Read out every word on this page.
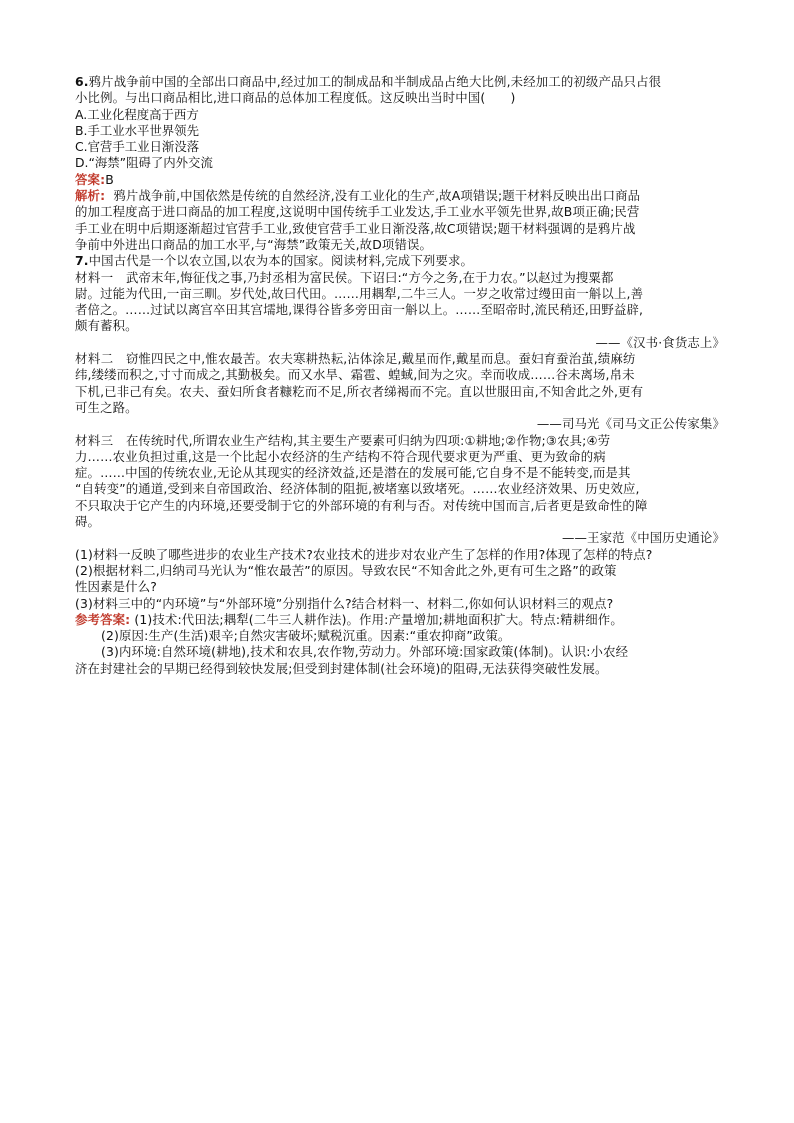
6.鸦片战争前中国的全部出口商品中,经过加工的制成品和半制成品占绝大比例,未经加工的初级产品只占很

小比例。与出口商品相比,进口商品的总体加工程度低。这反映出当时中国(　　)

A.工业化程度高于西方

B.手工业水平世界领先

C.官营手工业日渐没落

D.“海禁”阻碍了内外交流

答案:B

解析: 鸦片战争前,中国依然是传统的自然经济,没有工业化的生产,故A项错误;题干材料反映出出口商品

的加工程度高于进口商品的加工程度,这说明中国传统手工业发达,手工业水平领先世界,故B项正确;民营

手工业在明中后期逐渐超过官营手工业,致使官营手工业日渐没落,故C项错误;题干材料强调的是鸦片战

争前中外进出口商品的加工水平,与“海禁”政策无关,故D项错误。

7.中国古代是一个以农立国,以农为本的国家。阅读材料,完成下列要求。

材料一 武帝末年,悔征伐之事,乃封丞相为富民侯。下诏曰:“方今之务,在于力农。”以赵过为搜粟都

尉。过能为代田,一亩三甽。岁代处,故曰代田。……用耦犁,二牛三人。一岁之收常过缦田亩一斛以上,善

者倍之。……过试以离宫卒田其宫壖地,课得谷皆多旁田亩一斛以上。……至昭帝时,流民稍还,田野益辟,

颇有蓄积。

——《汉书·食货志上》

材料二 窃惟四民之中,惟农最苦。农夫寒耕热耘,沾体涂足,戴星而作,戴星而息。蚕妇育蚕治茧,绩麻纺

纬,缕缕而积之,寸寸而成之,其勤极矣。而又水旱、霜雹、蝗蜮,间为之灾。幸而收成……谷未离场,帛未

下机,已非己有矣。农夫、蚕妇所食者糠籺而不足,所衣者绨褐而不完。直以世服田亩,不知舍此之外,更有

可生之路。

——司马光《司马文正公传家集》

材料三 在传统时代,所谓农业生产结构,其主要生产要素可归纳为四项:①耕地;②作物;③农具;④劳

力……农业负担过重,这是一个比起小农经济的生产结构不符合现代要求更为严重、更为致命的病

症。……中国的传统农业,无论从其现实的经济效益,还是潜在的发展可能,它自身不是不能转变,而是其

“自转变”的通道,受到来自帝国政治、经济体制的阻扼,被堵塞以致堵死。……农业经济效果、历史效应,

不只取决于它产生的内环境,还要受制于它的外部环境的有利与否。对传统中国而言,后者更是致命性的障

碍。

——王家范《中国历史通论》

(1)材料一反映了哪些进步的农业生产技术?农业技术的进步对农业产生了怎样的作用?体现了怎样的特点?

(2)根据材料二,归纳司马光认为“惟农最苦”的原因。导致农民“不知舍此之外,更有可生之路”的政策

性因素是什么?

(3)材料三中的“内环境”与“外部环境”分别指什么?结合材料一、材料二,你如何认识材料三的观点?

参考答案: (1)技术:代田法;耦犁(二牛三人耕作法)。作用:产量增加;耕地面积扩大。特点:精耕细作。

(2)原因:生产(生活)艰辛;自然灾害破坏;赋税沉重。因素:“重农抑商”政策。

(3)内环境:自然环境(耕地),技术和农具,农作物,劳动力。外部环境:国家政策(体制)。认识:小农经

济在封建社会的早期已经得到较快发展;但受到封建体制(社会环境)的阻碍,无法获得突破性发展。
